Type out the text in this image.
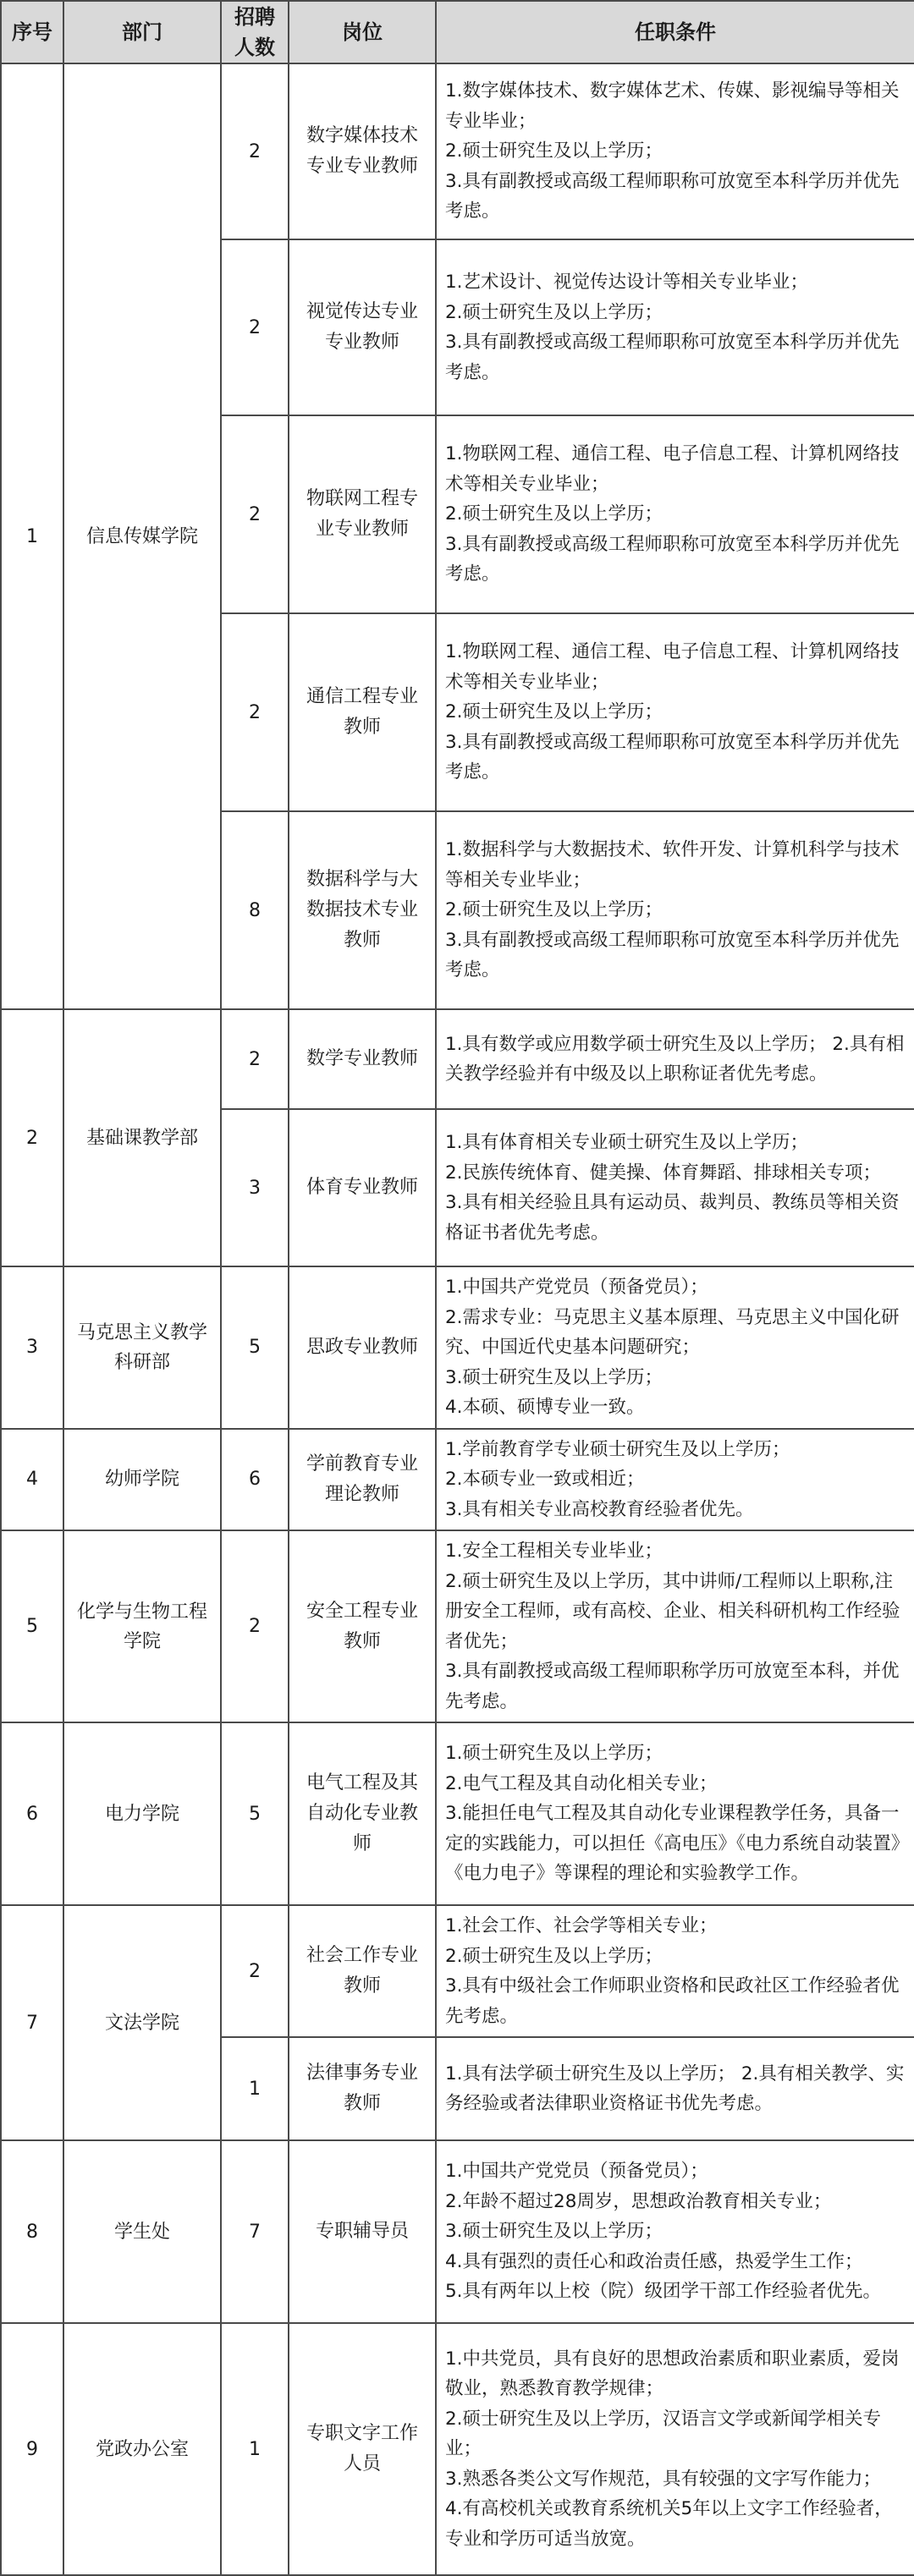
序号	部门	招聘
人数	岗位	任职条件
1	信息传媒学院	2	数字媒体技术专业专业教师	1.数字媒体技术、数字媒体艺术、传媒、影视编导等相关专业毕业；
2.硕士研究生及以上学历；
3.具有副教授或高级工程师职称可放宽至本科学历并优先考虑。

		2	视觉传达专业专业教师	1.艺术设计、视觉传达设计等相关专业毕业；
2.硕士研究生及以上学历；
3.具有副教授或高级工程师职称可放宽至本科学历并优先考虑。

		2	物联网工程专业专业教师	1.物联网工程、通信工程、电子信息工程、计算机网络技术等相关专业毕业；
2.硕士研究生及以上学历；
3.具有副教授或高级工程师职称可放宽至本科学历并优先考虑。

		2	通信工程专业教师	1.物联网工程、通信工程、电子信息工程、计算机网络技术等相关专业毕业；
2.硕士研究生及以上学历；
3.具有副教授或高级工程师职称可放宽至本科学历并优先考虑。

		8	数据科学与大数据技术专业教师	1.数据科学与大数据技术、软件开发、计算机科学与技术等相关专业毕业；
2.硕士研究生及以上学历；
3.具有副教授或高级工程师职称可放宽至本科学历并优先考虑。

2	基础课教学部	2	数学专业教师	1.具有数学或应用数学硕士研究生及以上学历； 2.具有相关教学经验并有中级及以上职称证者优先考虑。

		3	体育专业教师	1.具有体育相关专业硕士研究生及以上学历；
2.民族传统体育、健美操、体育舞蹈、排球相关专项；
3.具有相关经验且具有运动员、裁判员、教练员等相关资格证书者优先考虑。

3	马克思主义教学科研部	5	思政专业教师	1.中国共产党党员（预备党员）；
2.需求专业：马克思主义基本原理、马克思主义中国化研究、中国近代史基本问题研究；
3.硕士研究生及以上学历；
4.本硕、硕博专业一致。

4	幼师学院	6	学前教育专业理论教师	1.学前教育学专业硕士研究生及以上学历；
2.本硕专业一致或相近；
3.具有相关专业高校教育经验者优先。

5	化学与生物工程学院	2	安全工程专业教师	1.安全工程相关专业毕业；
2.硕士研究生及以上学历，其中讲师/工程师以上职称,注册安全工程师，或有高校、企业、相关科研机构工作经验者优先；
3.具有副教授或高级工程师职称学历可放宽至本科，并优先考虑。

6	电力学院	5	电气工程及其自动化专业教师	1.硕士研究生及以上学历；
2.电气工程及其自动化相关专业；
3.能担任电气工程及其自动化专业课程教学任务，具备一定的实践能力，可以担任《高电压》《电力系统自动装置》《电力电子》等课程的理论和实验教学工作。

7	文法学院	2	社会工作专业教师	1.社会工作、社会学等相关专业；
2.硕士研究生及以上学历；
3.具有中级社会工作师职业资格和民政社区工作经验者优先考虑。

		1	法律事务专业教师	1.具有法学硕士研究生及以上学历； 2.具有相关教学、实务经验或者法律职业资格证书优先考虑。

8	学生处	7	专职辅导员	1.中国共产党党员（预备党员）；
2.年龄不超过28周岁，思想政治教育相关专业；
3.硕士研究生及以上学历；
4.具有强烈的责任心和政治责任感，热爱学生工作；
5.具有两年以上校（院）级团学干部工作经验者优先。

9	党政办公室	1	专职文字工作人员	1.中共党员，具有良好的思想政治素质和职业素质，爱岗敬业，熟悉教育教学规律；
2.硕士研究生及以上学历，汉语言文学或新闻学相关专业；
3.熟悉各类公文写作规范，具有较强的文字写作能力；
4.有高校机关或教育系统机关5年以上文字工作经验者，专业和学历可适当放宽。
